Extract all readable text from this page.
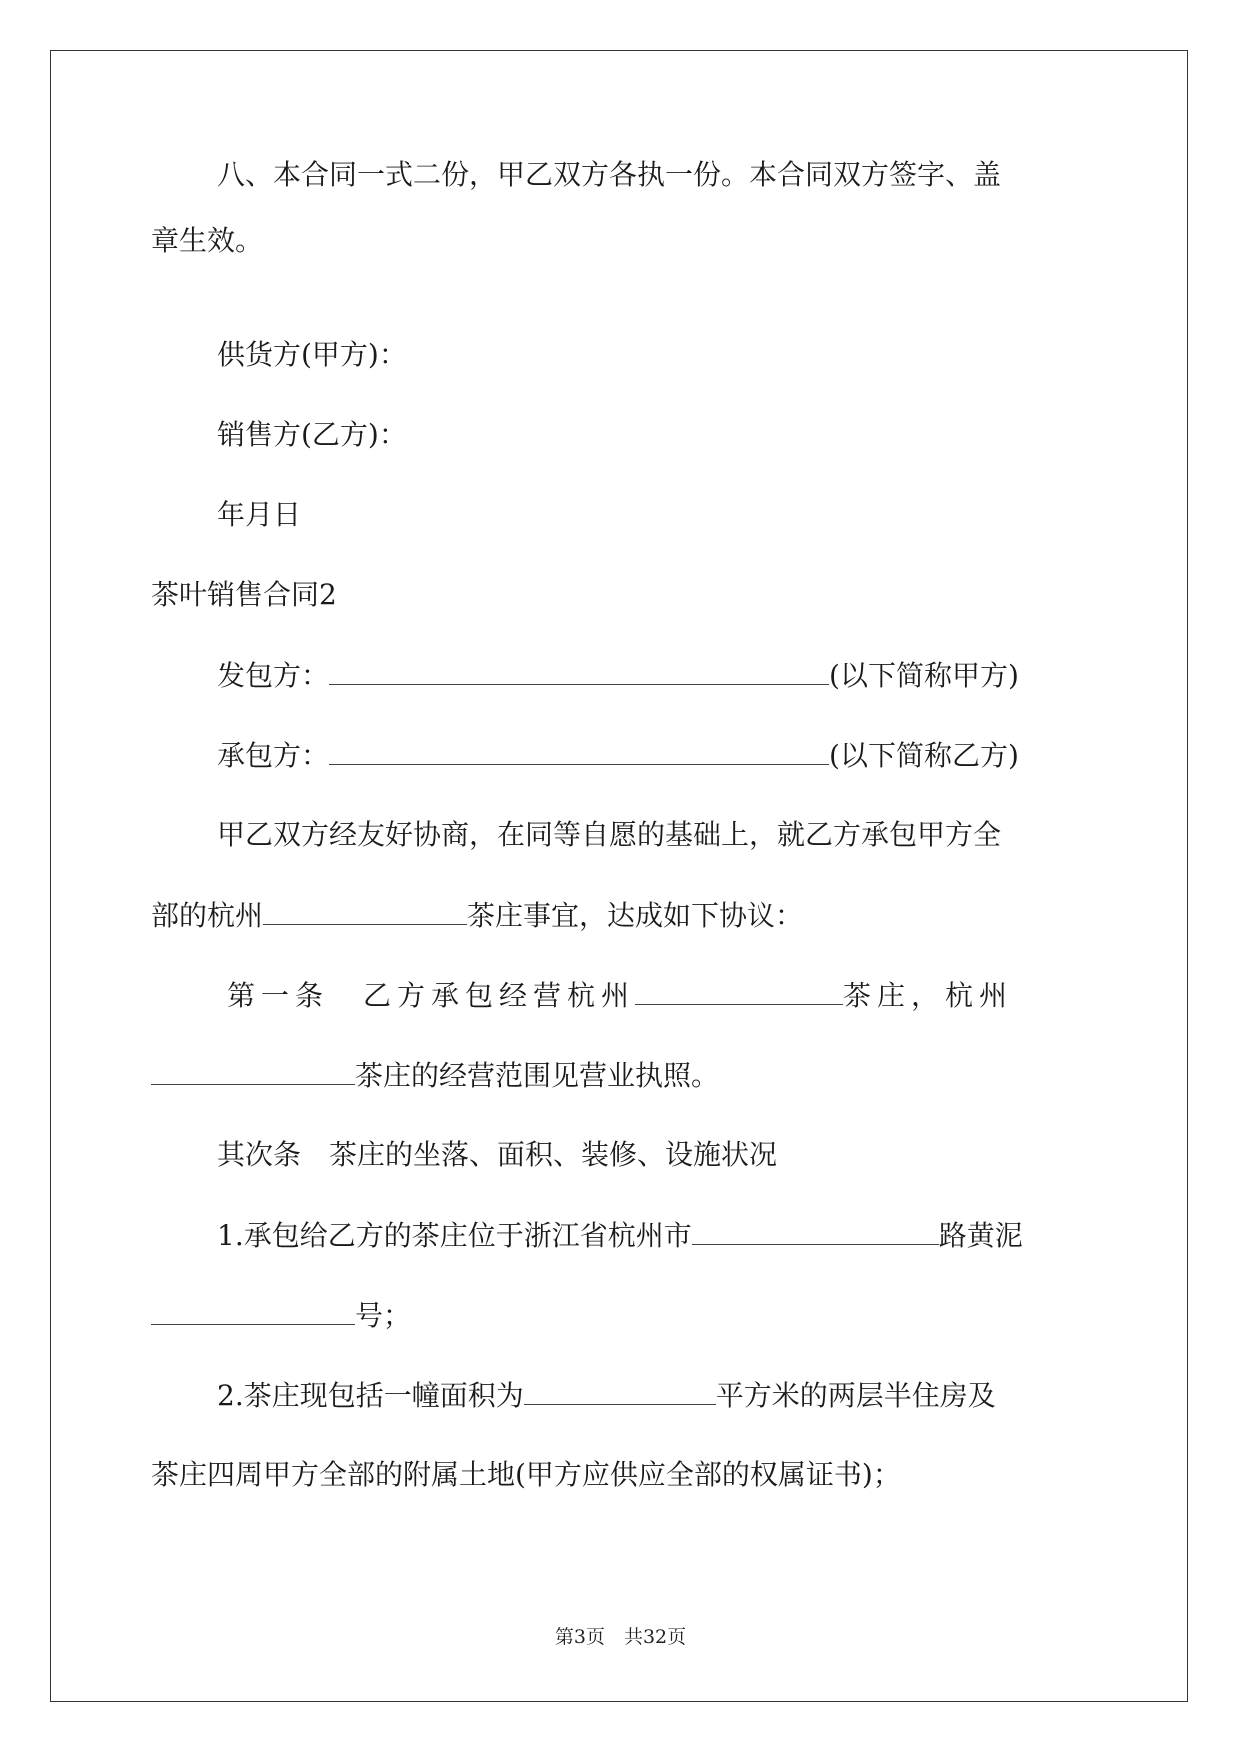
八、本合同一式二份，甲乙双方各执一份。本合同双方签字、盖
章生效。
供货方(甲方)：
销售方(乙方)：
年月日
茶叶销售合同2
发包方：	(以下简称甲方)
承包方：	(以下简称乙方)
甲乙双方经友好协商，在同等自愿的基础上，就乙方承包甲方全
部的杭州	茶庄事宜，达成如下协议：
第一条　乙方承包经营杭州	茶庄，杭州
茶庄的经营范围见营业执照。
其次条　茶庄的坐落、面积、装修、设施状况
1.承包给乙方的茶庄位于浙江省杭州市	路黄泥
号；
2.茶庄现包括一幢面积为	平方米的两层半住房及
茶庄四周甲方全部的附属土地(甲方应供应全部的权属证书)；
第3页　共32页
